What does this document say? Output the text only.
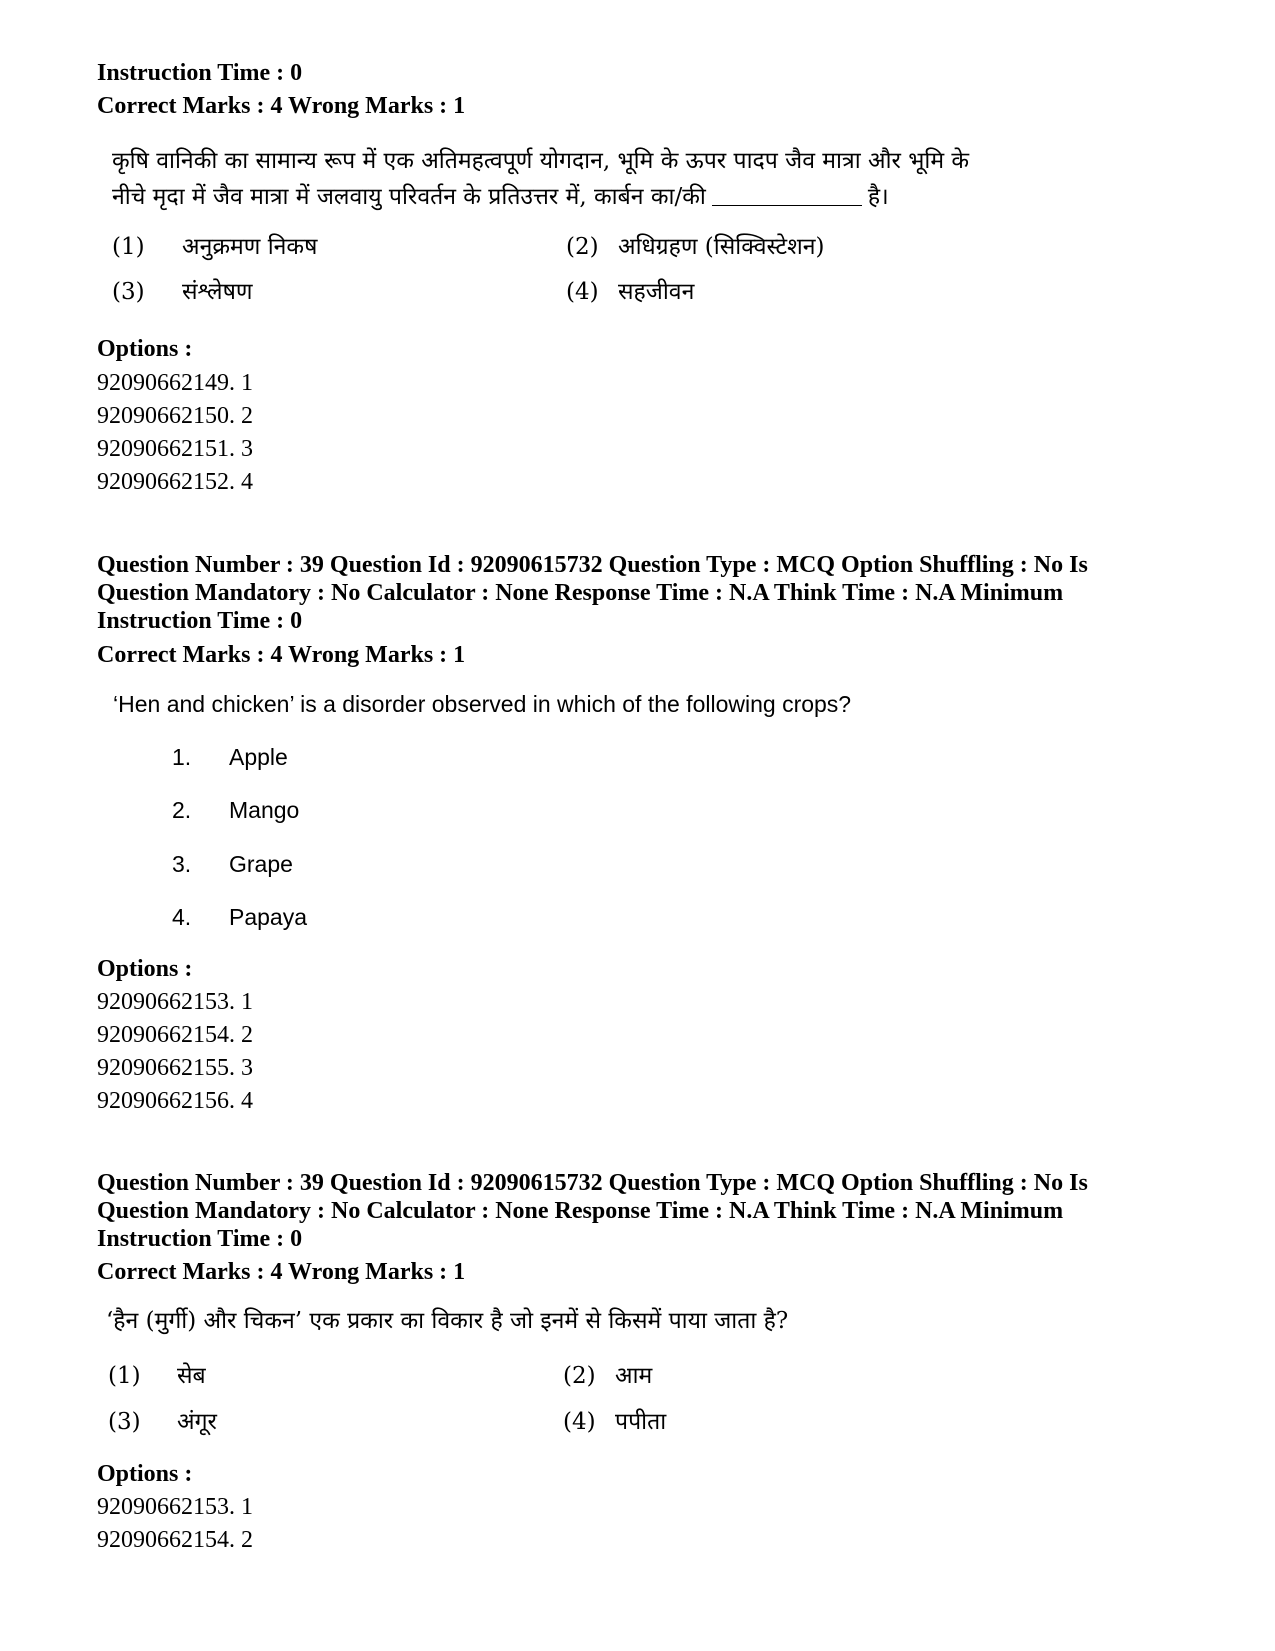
Instruction Time : 0
Correct Marks : 4 Wrong Marks : 1
कृषि वानिकी का सामान्य रूप में एक अतिमहत्वपूर्ण योगदान, भूमि के ऊपर पादप जैव मात्रा और भूमि के
नीचे मृदा में जैव मात्रा में जलवायु परिवर्तन के प्रतिउत्तर में, कार्बन का/की	है।
(1) अनुक्रमण निकष	(2) अधिग्रहण (सिक्विस्टेशन)
(3) संश्लेषण	(4) सहजीवन
Options :
92090662149. 1
92090662150. 2
92090662151. 3
92090662152. 4
Question Number : 39 Question Id : 92090615732 Question Type : MCQ Option Shuffling : No Is
Question Mandatory : No Calculator : None Response Time : N.A Think Time : N.A Minimum
Instruction Time : 0
Correct Marks : 4 Wrong Marks : 1
‘Hen and chicken’ is a disorder observed in which of the following crops?
1. Apple
2. Mango
3. Grape
4. Papaya
Options :
92090662153. 1
92090662154. 2
92090662155. 3
92090662156. 4
Question Number : 39 Question Id : 92090615732 Question Type : MCQ Option Shuffling : No Is
Question Mandatory : No Calculator : None Response Time : N.A Think Time : N.A Minimum
Instruction Time : 0
Correct Marks : 4 Wrong Marks : 1
‘हैन (मुर्गी) और चिकन’ एक प्रकार का विकार है जो इनमें से किसमें पाया जाता है?
(1) सेब	(2) आम
(3) अंगूर	(4) पपीता
Options :
92090662153. 1
92090662154. 2
